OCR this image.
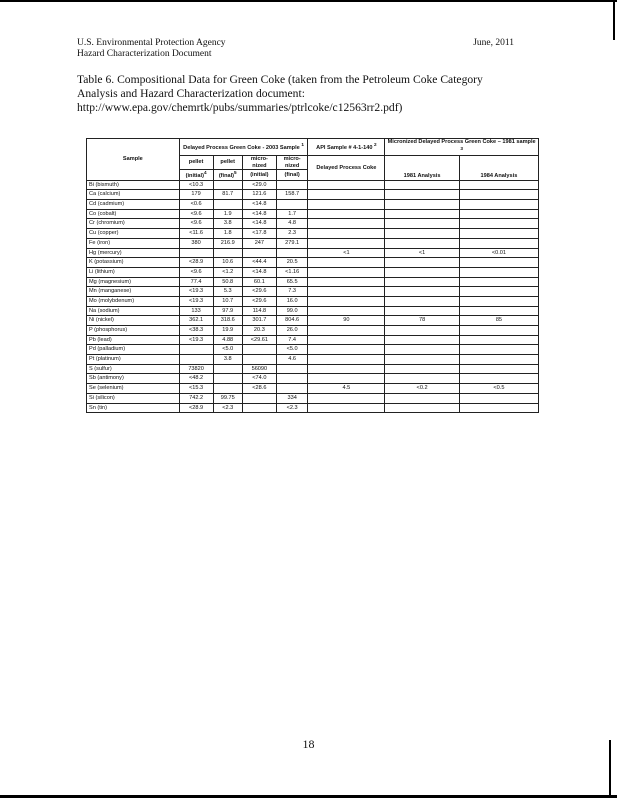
U.S. Environmental Protection Agency
Hazard Characterization Document
June, 2011
Table 6. Compositional Data for Green Coke (taken from the Petroleum Coke Category
Analysis and Hazard Characterization document:
http://www.epa.gov/chemrtk/pubs/summaries/ptrlcoke/c12563rr2.pdf)
Sample	Delayed Process Green Coke - 2003 Sample $^1$				API Sample # 4-1-140 $^2$	Micronized Delayed Process Green Coke – 1981 sample $^3$
	pellet	pellet	micro-nized	micro-nized	Delayed Process Coke	1981 Analysis	1984 Analysis
	(initial)$^4$	(final)$^5$	(initial)	(final)			
Bi (bismuth)	<10.3		<29.0				
Ca (calcium)	179	81.7	121.6	158.7			
Cd (cadmium)	<0.6		<14.8				
Co (cobalt)	<9.6	1.9	<14.8	1.7			
Cr (chromium)	<9.6	3.8	<14.8	4.8			
Cu (copper)	<11.6	1.8	<17.8	2.3			
Fe (iron)	380	216.9	247	279.1			
Hg (mercury)					<1	<1	<0.01
K (potassium)	<28.9	10.6	<44.4	20.5			
Li (lithium)	<9.6	<1.2	<14.8	<1.16			
Mg (magnesium)	77.4	50.8	60.1	65.5			
Mn (manganese)	<19.3	5.3	<29.6	7.3			
Mo (molybdenum)	<19.3	10.7	<29.6	16.0			
Na (sodium)	133	97.9	114.8	99.0			
Ni (nickel)	362.1	318.6	301.7	804.6	90	78	85
P (phosphorus)	<38.3	19.9	20.3	26.0			
Pb (lead)	<19.3	4.88	<29.61	7.4			
Pd (palladium)		<5.0		<5.0			
Pt (platinum)		3.8		4.6			
S (sulfur)	73820		56090				
Sb (antimony)	<48.2		<74.0				
Se (selenium)	<15.3		<28.6		4.5	<0.2	<0.5
Si (silicon)	742.2	99.75		334			
Sn (tin)	<28.9	<2.3		<2.3			
18
